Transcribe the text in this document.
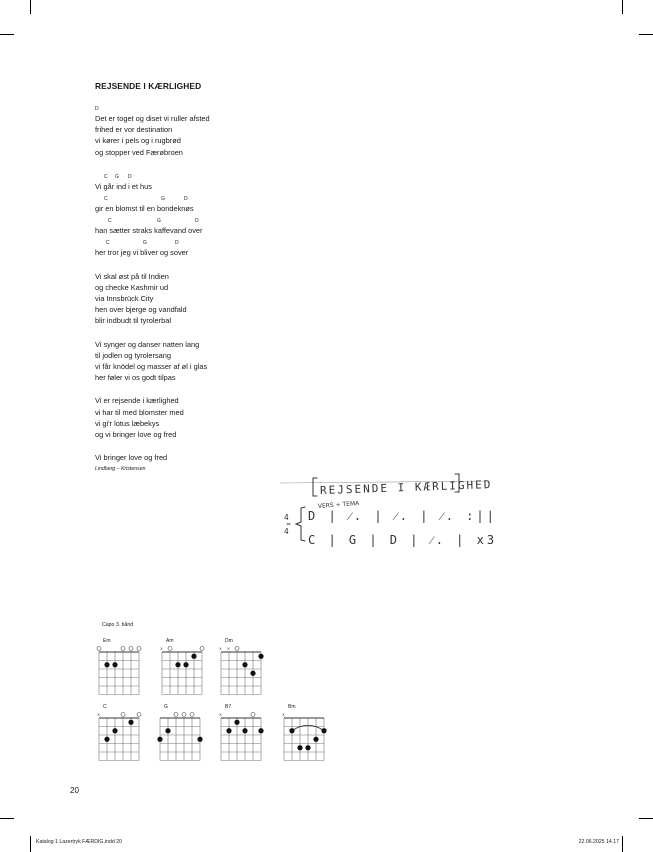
REJSENDE I KÆRLIGHED
D
Det er toget og diset vi ruller afsted
frihed er vor destination
vi kører i pels og i rugbrød
og stopper ved Færøbroen
C G D
Vi går ind i et hus
C	G	D
gir en blomst til en bondeknøs
C	G	D
han sætter straks kaffevand over
C	G	D
her tror jeg vi bliver og sover
Vi skal øst på til Indien
og checke Kashmir ud
via Innsbrück City
hen over bjerge og vandfald
blir indbudt til tyrolerbal
Vi synger og danser natten lang
til jodlen og tyrolersang
vi får knödel og masser af øl i glas
her føler vi os godt tilpas
Vi er rejsende i kærlighed
vi har til med blomster med
vi gi'r lotus læbekys
og vi bringer love og fred
Vi bringer love og fred
Lindberg – Kristensen
REJSENDE I KÆRLIGHED
VERS + TEMA
4
4
D | ⁄. | ⁄. | ⁄. :||
C | G | D | ⁄. | x3
Capo 3. bånd
Em	Am
×
Dm
× ×
C
×
G	B7
×
Bm
×
20
Katalog 1 Lazertryk FÆRDIG.indd 20	22.06.2025 14.17
